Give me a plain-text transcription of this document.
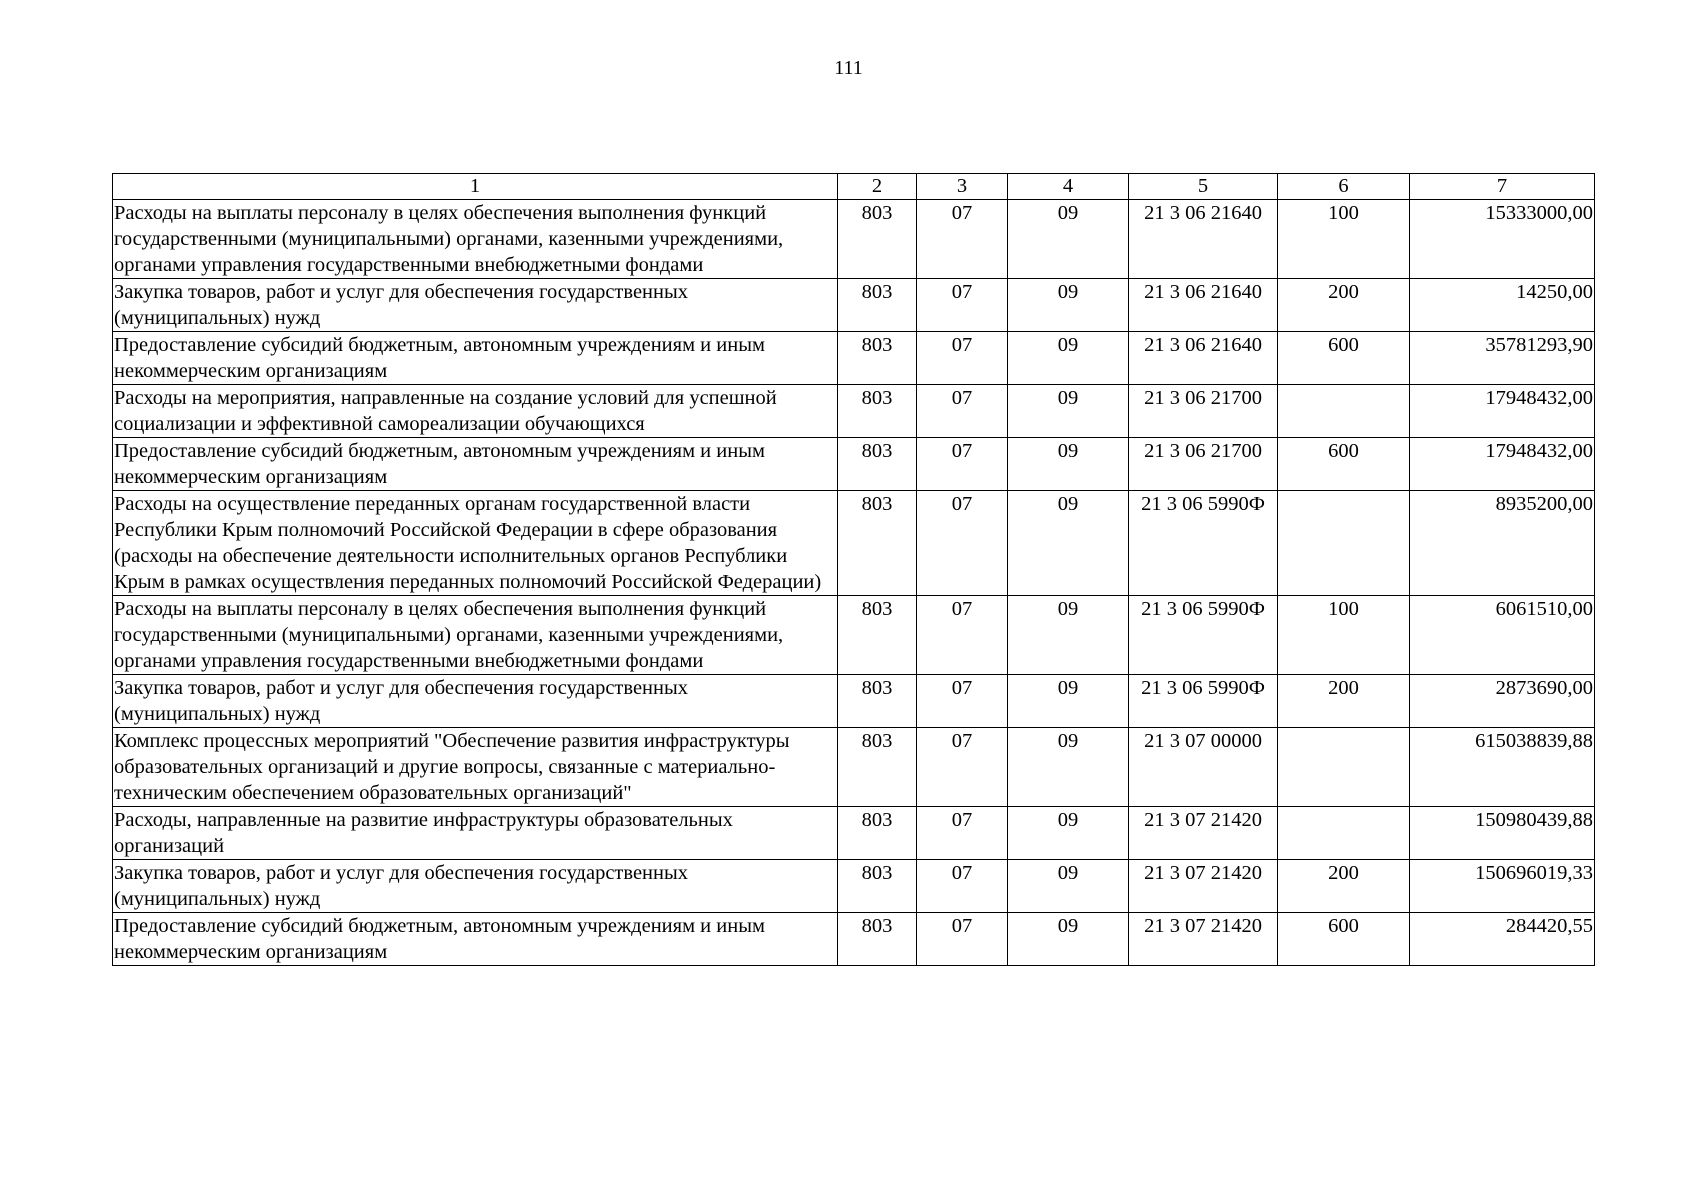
111
1	2	3	4	5	6	7
Расходы на выплаты персоналу в целях обеспечения выполнения функций государственными (муниципальными) органами, казенными учреждениями, органами управления государственными внебюджетными фондами	803	07	09	21 3 06 21640	100	15333000,00
Закупка товаров, работ и услуг для обеспечения государственных (муниципальных) нужд	803	07	09	21 3 06 21640	200	14250,00
Предоставление субсидий бюджетным, автономным учреждениям и иным некоммерческим организациям	803	07	09	21 3 06 21640	600	35781293,90
Расходы на мероприятия, направленные на создание условий для успешной социализации и эффективной самореализации обучающихся	803	07	09	21 3 06 21700		17948432,00
Предоставление субсидий бюджетным, автономным учреждениям и иным некоммерческим организациям	803	07	09	21 3 06 21700	600	17948432,00
Расходы на осуществление переданных органам государственной власти Республики Крым полномочий Российской Федерации в сфере образования (расходы на обеспечение деятельности исполнительных органов Республики Крым в рамках осуществления переданных полномочий Российской Федерации)	803	07	09	21 3 06 5990Ф		8935200,00
Расходы на выплаты персоналу в целях обеспечения выполнения функций государственными (муниципальными) органами, казенными учреждениями, органами управления государственными внебюджетными фондами	803	07	09	21 3 06 5990Ф	100	6061510,00
Закупка товаров, работ и услуг для обеспечения государственных (муниципальных) нужд	803	07	09	21 3 06 5990Ф	200	2873690,00
Комплекс процессных мероприятий "Обеспечение развития инфраструктуры образовательных организаций и другие вопросы, связанные с материально-техническим обеспечением образовательных организаций"	803	07	09	21 3 07 00000		615038839,88
Расходы, направленные на развитие инфраструктуры образовательных организаций	803	07	09	21 3 07 21420		150980439,88
Закупка товаров, работ и услуг для обеспечения государственных (муниципальных) нужд	803	07	09	21 3 07 21420	200	150696019,33
Предоставление субсидий бюджетным, автономным учреждениям и иным некоммерческим организациям	803	07	09	21 3 07 21420	600	284420,55
